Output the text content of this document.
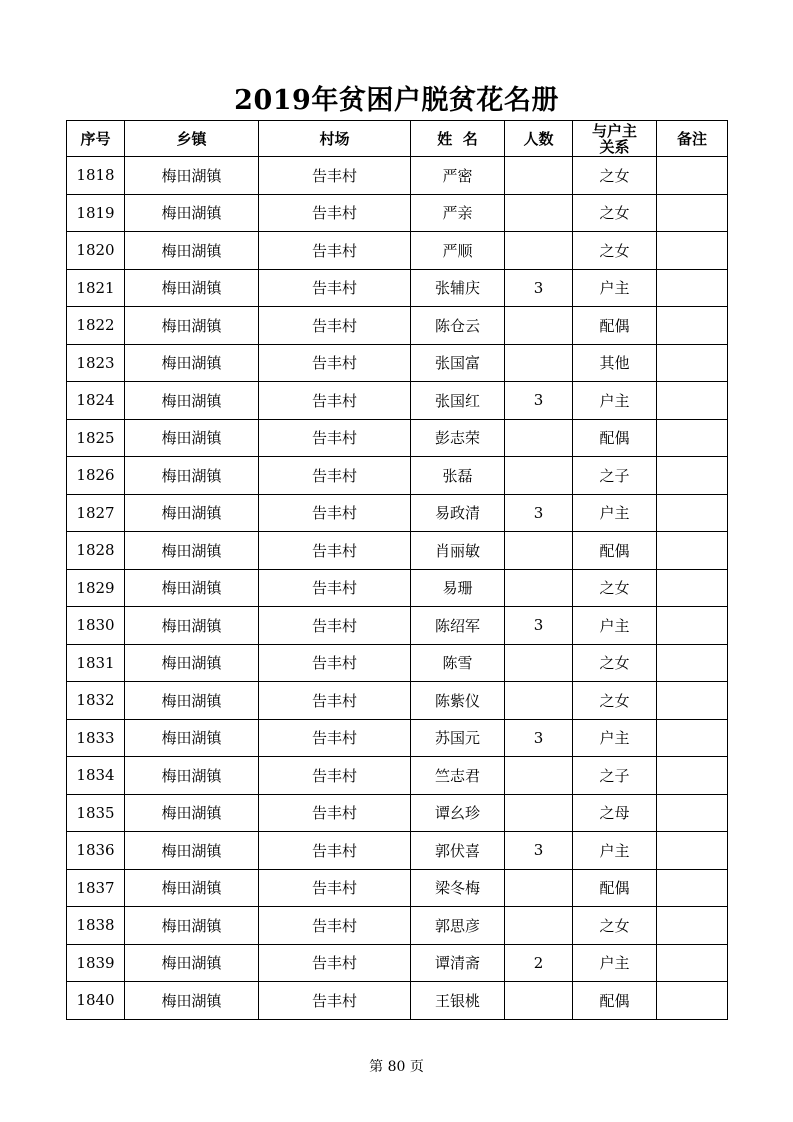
2019年贫困户脱贫花名册
序号	乡镇	村场	姓  名	人数	与户主关系	备注
1818	梅田湖镇	告丰村	严密		之女	
1819	梅田湖镇	告丰村	严亲		之女	
1820	梅田湖镇	告丰村	严顺		之女	
1821	梅田湖镇	告丰村	张辅庆	3	户主	
1822	梅田湖镇	告丰村	陈仓云		配偶	
1823	梅田湖镇	告丰村	张国富		其他	
1824	梅田湖镇	告丰村	张国红	3	户主	
1825	梅田湖镇	告丰村	彭志荣		配偶	
1826	梅田湖镇	告丰村	张磊		之子	
1827	梅田湖镇	告丰村	易政清	3	户主	
1828	梅田湖镇	告丰村	肖丽敏		配偶	
1829	梅田湖镇	告丰村	易珊		之女	
1830	梅田湖镇	告丰村	陈绍军	3	户主	
1831	梅田湖镇	告丰村	陈雪		之女	
1832	梅田湖镇	告丰村	陈紫仪		之女	
1833	梅田湖镇	告丰村	苏国元	3	户主	
1834	梅田湖镇	告丰村	竺志君		之子	
1835	梅田湖镇	告丰村	谭幺珍		之母	
1836	梅田湖镇	告丰村	郭伏喜	3	户主	
1837	梅田湖镇	告丰村	梁冬梅		配偶	
1838	梅田湖镇	告丰村	郭思彦		之女	
1839	梅田湖镇	告丰村	谭清斋	2	户主	
1840	梅田湖镇	告丰村	王银桃		配偶	
第 80 页
